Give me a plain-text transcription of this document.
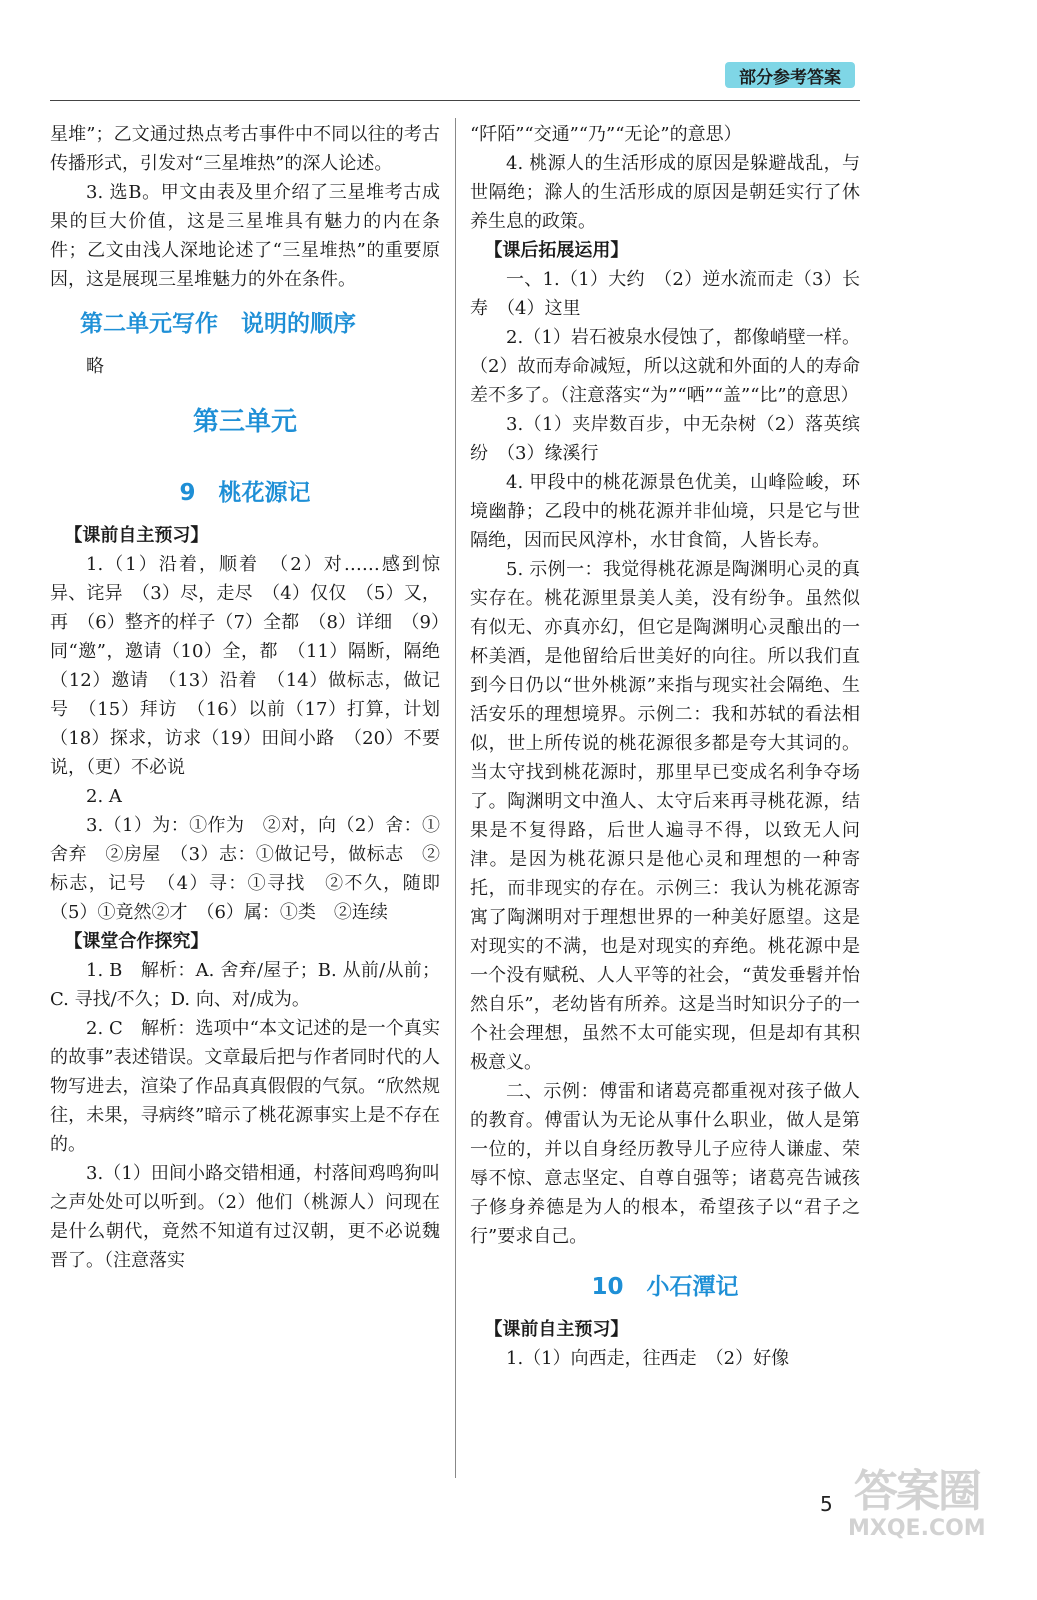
部分参考答案

星堆”；乙文通过热点考古事件中不同以往的考古传播形式，引发对“三星堆热”的深人论述。

3. 选B。甲文由表及里介绍了三星堆考古成果的巨大价值，这是三星堆具有魅力的内在条件；乙文由浅人深地论述了“三星堆热”的重要原因，这是展现三星堆魅力的外在条件。

第二单元写作　说明的顺序

略

第三单元
9　桃花源记

【课前自主预习】

1.（1）沿着，顺着　（2）对……感到惊异、诧异　（3）尽，走尽　（4）仅仅　（5）又，再　（6）整齐的样子（7）全都　（8）详细　（9）同“邀”，邀请（10）全，都　（11）隔断，隔绝（12）邀请　（13）沿着　（14）做标志，做记号　（15）拜访　（16）以前（17）打算，计划　（18）探求，访求（19）田间小路　（20）不要说，（更）不必说

2. A

3.（1）为：①作为　②对，向（2）舍：①舍弃　②房屋　（3）志：①做记号，做标志　②标志，记号　（4）寻：①寻找　②不久，随即　（5）①竟然②才　（6）属：①类　②连续

【课堂合作探究】

1. B　解析：A. 舍弃/屋子；B. 从前/从前；C. 寻找/不久；D. 向、对/成为。

2. C　解析：选项中“本文记述的是一个真实的故事”表述错误。文章最后把与作者同时代的人物写进去，渲染了作品真真假假的气氛。“欣然规往，未果，寻病终”暗示了桃花源事实上是不存在的。

3.（1）田间小路交错相通，村落间鸡鸣狗叫之声处处可以听到。（2）他们（桃源人）问现在是什么朝代，竟然不知道有过汉朝，更不必说魏晋了。（注意落实

“阡陌”“交通”“乃”“无论”的意思）

4. 桃源人的生活形成的原因是躲避战乱，与世隔绝；滁人的生活形成的原因是朝廷实行了休养生息的政策。

【课后拓展运用】

一、1.（1）大约　（2）逆水流而走（3）长寿　（4）这里

2.（1）岩石被泉水侵蚀了，都像峭壁一样。（2）故而寿命减短，所以这就和外面的人的寿命差不多了。（注意落实“为”“哂”“盖”“比”的意思）

3.（1）夹岸数百步，中无杂树（2）落英缤纷　（3）缘溪行

4. 甲段中的桃花源景色优美，山峰险峻，环境幽静；乙段中的桃花源并非仙境，只是它与世隔绝，因而民风淳朴，水甘食简，人皆长寿。

5. 示例一：我觉得桃花源是陶渊明心灵的真实存在。桃花源里景美人美，没有纷争。虽然似有似无、亦真亦幻，但它是陶渊明心灵酿出的一杯美酒，是他留给后世美好的向往。所以我们直到今日仍以“世外桃源”来指与现实社会隔绝、生活安乐的理想境界。示例二：我和苏轼的看法相似，世上所传说的桃花源很多都是夸大其词的。当太守找到桃花源时，那里早已变成名利争夺场了。陶渊明文中渔人、太守后来再寻桃花源，结果是不复得路，后世人遍寻不得，以致无人问津。是因为桃花源只是他心灵和理想的一种寄托，而非现实的存在。示例三：我认为桃花源寄寓了陶渊明对于理想世界的一种美好愿望。这是对现实的不满，也是对现实的弃绝。桃花源中是一个没有赋税、人人平等的社会，“黄发垂髫并怡然自乐”，老幼皆有所养。这是当时知识分子的一个社会理想，虽然不太可能实现，但是却有其积极意义。

二、示例：傅雷和诸葛亮都重视对孩子做人的教育。傅雷认为无论从事什么职业，做人是第一位的，并以自身经历教导儿子应待人谦虚、荣辱不惊、意志坚定、自尊自强等；诸葛亮告诫孩子修身养德是为人的根本，希望孩子以“君子之行”要求自己。

10　小石潭记

【课前自主预习】

1.（1）向西走，往西走　（2）好像

5 答案圈
MXQE.COM
